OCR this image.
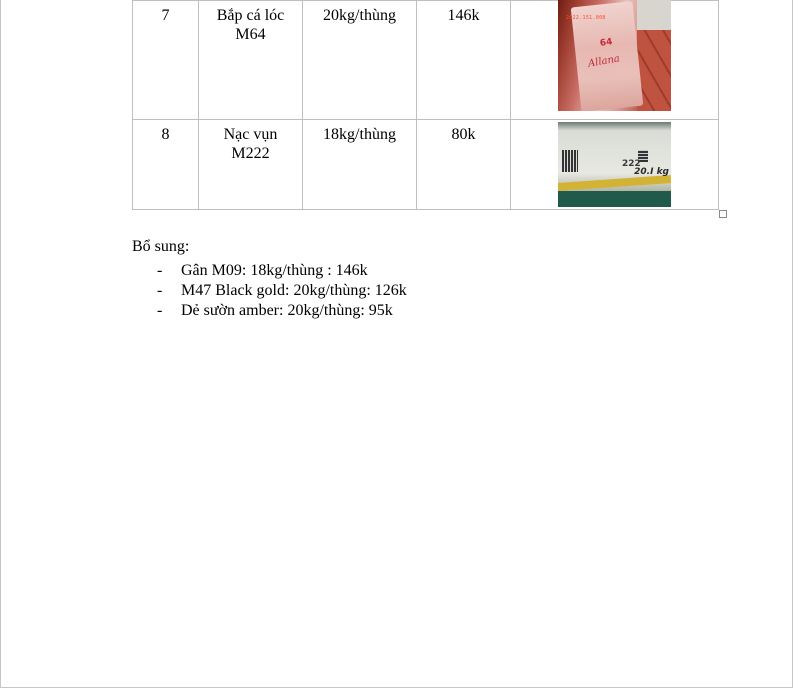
7	Bắp cá lóc M64	20kg/thùng	146k	2022.151.008
64
Allana

8	Nạc vụn M222	18kg/thùng	80k	222
20.I kg
Bổ sung:
- Gân M09: 18kg/thùng : 146k
- M47 Black gold: 20kg/thùng: 126k
- Dẻ sườn amber: 20kg/thùng: 95k
